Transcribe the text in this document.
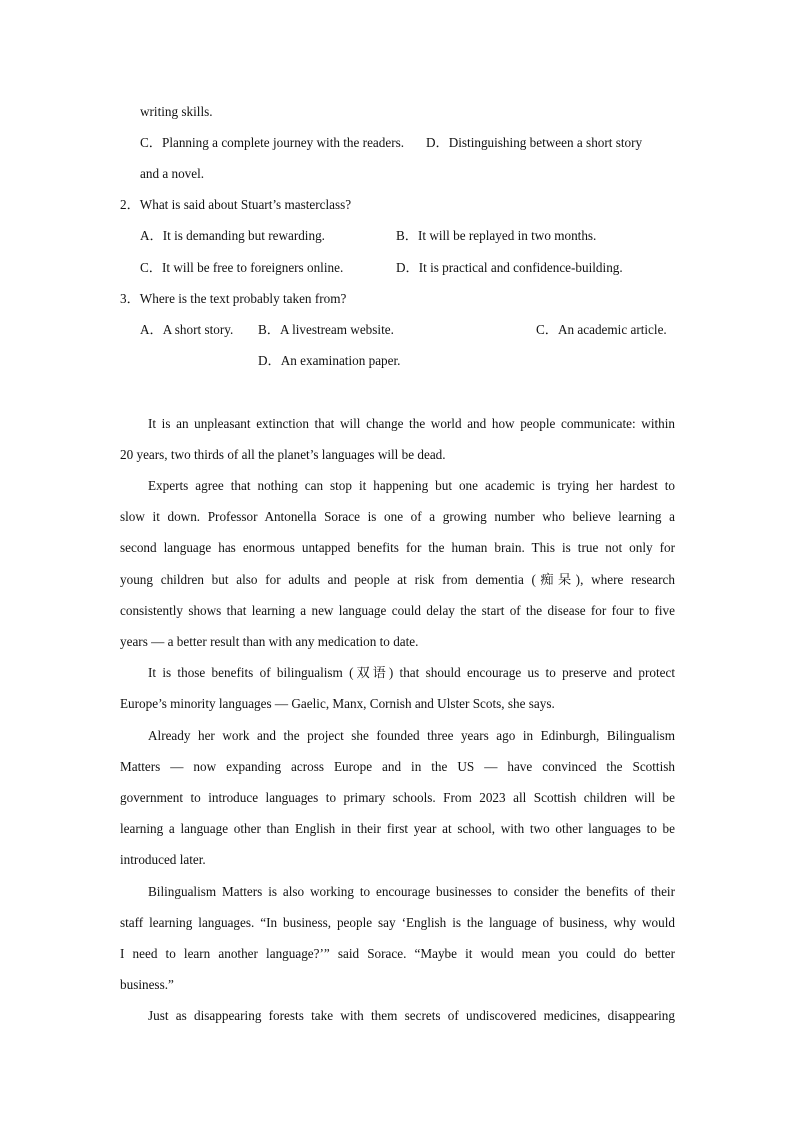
writing skills.
C．Planning a complete journey with the readers. D．Distinguishing between a short story
and a novel.
2．What is said about Stuart’s masterclass?
A．It is demanding but rewarding.	B．It will be replayed in two months.
C．It will be free to foreigners online.	D．It is practical and confidence-building.
3．Where is the text probably taken from?
A．A short story. B．A livestream website.	C．An academic article.
D．An examination paper.
It is an unpleasant extinction that will change the world and how people communicate: within
20 years, two thirds of all the planet’s languages will be dead.
Experts agree that nothing can stop it happening but one academic is trying her hardest to
slow it down. Professor Antonella Sorace is one of a growing number who believe learning a
second language has enormous untapped benefits for the human brain. This is true not only for
young children but also for adults and people at risk from dementia (痴呆), where research
consistently shows that learning a new language could delay the start of the disease for four to five
years — a better result than with any medication to date.
It is those benefits of bilingualism (双语) that should encourage us to preserve and protect
Europe’s minority languages — Gaelic, Manx, Cornish and Ulster Scots, she says.
Already her work and the project she founded three years ago in Edinburgh, Bilingualism
Matters — now expanding across Europe and in the US — have convinced the Scottish
government to introduce languages to primary schools. From 2023 all Scottish children will be
learning a language other than English in their first year at school, with two other languages to be
introduced later.
Bilingualism Matters is also working to encourage businesses to consider the benefits of their
staff learning languages. “In business, people say ‘English is the language of business, why would
I need to learn another language?’” said Sorace. “Maybe it would mean you could do better
business.”
Just as disappearing forests take with them secrets of undiscovered medicines, disappearing
